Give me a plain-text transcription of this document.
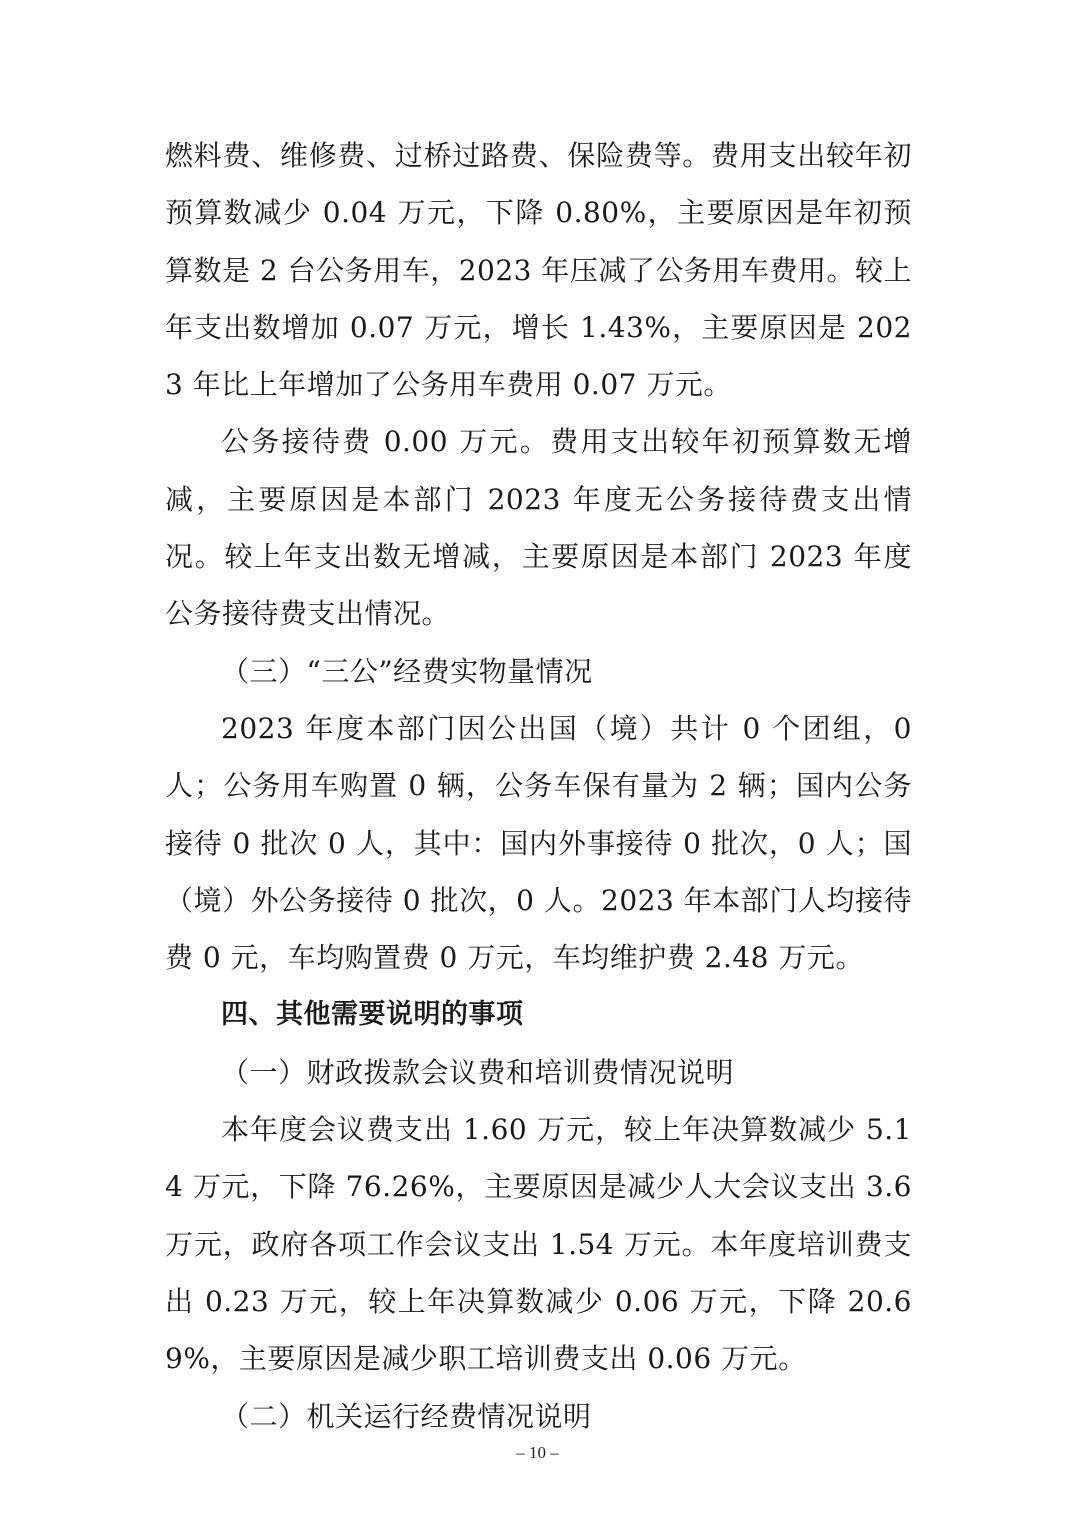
燃料费、维修费、过桥过路费、保险费等。费用支出较年初预算数减少 0.04 万元，下降 0.80%，主要原因是年初预算数是 2 台公务用车，2023 年压减了公务用车费用。较上年支出数增加 0.07 万元，增长 1.43%，主要原因是 2023 年比上年增加了公务用车费用 0.07 万元。

公务接待费 0.00 万元。费用支出较年初预算数无增减，主要原因是本部门 2023 年度无公务接待费支出情况。较上年支出数无增减，主要原因是本部门 2023 年度公务接待费支出情况。

（三）“三公”经费实物量情况

2023 年度本部门因公出国（境）共计 0 个团组，0 人；公务用车购置 0 辆，公务车保有量为 2 辆；国内公务接待 0 批次 0 人，其中：国内外事接待 0 批次，0 人；国（境）外公务接待 0 批次，0 人。2023 年本部门人均接待费 0 元，车均购置费 0 万元，车均维护费 2.48 万元。

四、其他需要说明的事项

（一）财政拨款会议费和培训费情况说明

本年度会议费支出 1.60 万元，较上年决算数减少 5.14 万元，下降 76.26%，主要原因是减少人大会议支出 3.6 万元，政府各项工作会议支出 1.54 万元。本年度培训费支出 0.23 万元，较上年决算数减少 0.06 万元，下降 20.69%，主要原因是减少职工培训费支出 0.06 万元。

（二）机关运行经费情况说明

– 10 –
